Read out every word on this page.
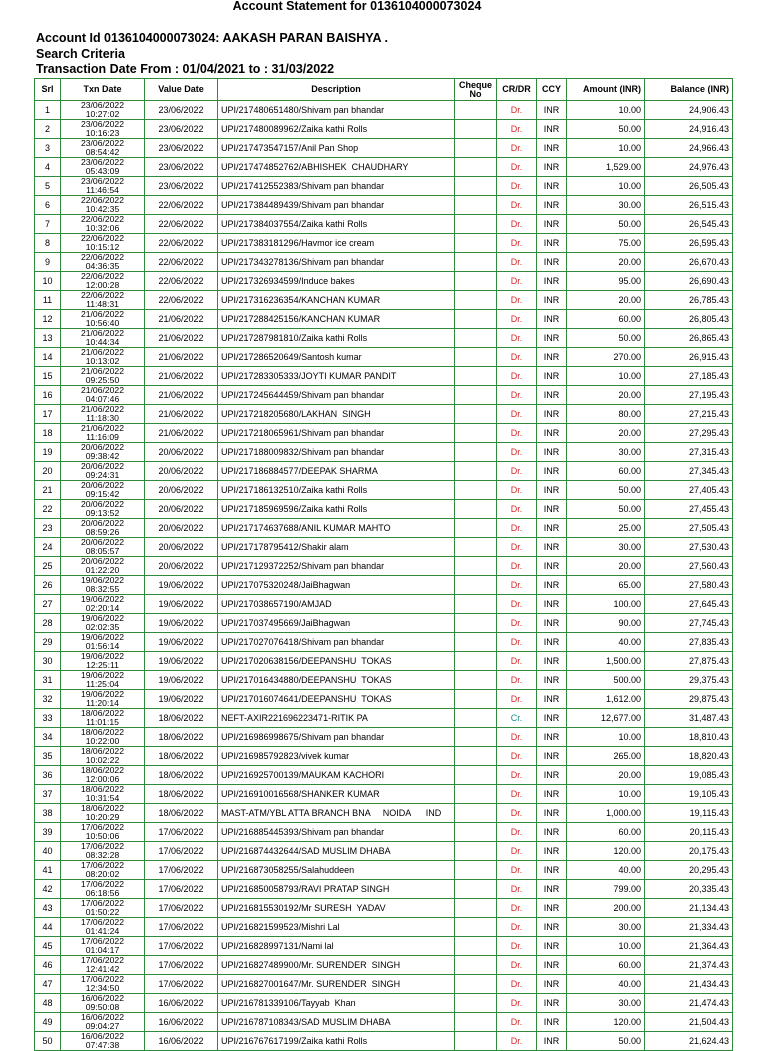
Account Statement for 0136104000073024
Account Id 0136104000073024: AAKASH PARAN BAISHYA .
Search Criteria
Transaction Date From : 01/04/2021 to : 31/03/2022
Srl	Txn Date	Value Date	Description	Cheque No	CR/DR	CCY	Amount (INR)	Balance (INR)
1	23/06/2022
10:27:02	23/06/2022	UPI/217480651480/Shivam pan bhandar		Dr.	INR	10.00	24,906.43
2	23/06/2022
10:16:23	23/06/2022	UPI/217480089962/Zaika kathi Rolls		Dr.	INR	50.00	24,916.43
3	23/06/2022
08:54:42	23/06/2022	UPI/217473547157/Anil Pan Shop		Dr.	INR	10.00	24,966.43
4	23/06/2022
05:43:09	23/06/2022	UPI/217474852762/ABHISHEK  CHAUDHARY		Dr.	INR	1,529.00	24,976.43
5	23/06/2022
11:46:54	23/06/2022	UPI/217412552383/Shivam pan bhandar		Dr.	INR	10.00	26,505.43
6	22/06/2022
10:42:35	22/06/2022	UPI/217384489439/Shivam pan bhandar		Dr.	INR	30.00	26,515.43
7	22/06/2022
10:32:06	22/06/2022	UPI/217384037554/Zaika kathi Rolls		Dr.	INR	50.00	26,545.43
8	22/06/2022
10:15:12	22/06/2022	UPI/217383181296/Havmor ice cream		Dr.	INR	75.00	26,595.43
9	22/06/2022
04:36:35	22/06/2022	UPI/217343278136/Shivam pan bhandar		Dr.	INR	20.00	26,670.43
10	22/06/2022
12:00:28	22/06/2022	UPI/217326934599/Induce bakes		Dr.	INR	95.00	26,690.43
11	22/06/2022
11:48:31	22/06/2022	UPI/217316236354/KANCHAN KUMAR		Dr.	INR	20.00	26,785.43
12	21/06/2022
10:56:40	21/06/2022	UPI/217288425156/KANCHAN KUMAR		Dr.	INR	60.00	26,805.43
13	21/06/2022
10:44:34	21/06/2022	UPI/217287981810/Zaika kathi Rolls		Dr.	INR	50.00	26,865.43
14	21/06/2022
10:13:02	21/06/2022	UPI/217286520649/Santosh kumar		Dr.	INR	270.00	26,915.43
15	21/06/2022
09:25:50	21/06/2022	UPI/217283305333/JOYTI KUMAR PANDIT		Dr.	INR	10.00	27,185.43
16	21/06/2022
04:07:46	21/06/2022	UPI/217245644459/Shivam pan bhandar		Dr.	INR	20.00	27,195.43
17	21/06/2022
11:18:30	21/06/2022	UPI/217218205680/LAKHAN  SINGH		Dr.	INR	80.00	27,215.43
18	21/06/2022
11:16:09	21/06/2022	UPI/217218065961/Shivam pan bhandar		Dr.	INR	20.00	27,295.43
19	20/06/2022
09:38:42	20/06/2022	UPI/217188009832/Shivam pan bhandar		Dr.	INR	30.00	27,315.43
20	20/06/2022
09:24:31	20/06/2022	UPI/217186884577/DEEPAK SHARMA		Dr.	INR	60.00	27,345.43
21	20/06/2022
09:15:42	20/06/2022	UPI/217186132510/Zaika kathi Rolls		Dr.	INR	50.00	27,405.43
22	20/06/2022
09:13:52	20/06/2022	UPI/217185969596/Zaika kathi Rolls		Dr.	INR	50.00	27,455.43
23	20/06/2022
08:59:26	20/06/2022	UPI/217174637688/ANIL KUMAR MAHTO		Dr.	INR	25.00	27,505.43
24	20/06/2022
08:05:57	20/06/2022	UPI/217178795412/Shakir alam		Dr.	INR	30.00	27,530.43
25	20/06/2022
01:22:20	20/06/2022	UPI/217129372252/Shivam pan bhandar		Dr.	INR	20.00	27,560.43
26	19/06/2022
08:32:55	19/06/2022	UPI/217075320248/JaiBhagwan		Dr.	INR	65.00	27,580.43
27	19/06/2022
02:20:14	19/06/2022	UPI/217038657190/AMJAD		Dr.	INR	100.00	27,645.43
28	19/06/2022
02:02:35	19/06/2022	UPI/217037495669/JaiBhagwan		Dr.	INR	90.00	27,745.43
29	19/06/2022
01:56:14	19/06/2022	UPI/217027076418/Shivam pan bhandar		Dr.	INR	40.00	27,835.43
30	19/06/2022
12:25:11	19/06/2022	UPI/217020638156/DEEPANSHU  TOKAS		Dr.	INR	1,500.00	27,875.43
31	19/06/2022
11:25:04	19/06/2022	UPI/217016434880/DEEPANSHU  TOKAS		Dr.	INR	500.00	29,375.43
32	19/06/2022
11:20:14	19/06/2022	UPI/217016074641/DEEPANSHU  TOKAS		Dr.	INR	1,612.00	29,875.43
33	18/06/2022
11:01:15	18/06/2022	NEFT-AXIR221696223471-RITIK PA		Cr.	INR	12,677.00	31,487.43
34	18/06/2022
10:22:00	18/06/2022	UPI/216986998675/Shivam pan bhandar		Dr.	INR	10.00	18,810.43
35	18/06/2022
10:02:22	18/06/2022	UPI/216985792823/vivek kumar		Dr.	INR	265.00	18,820.43
36	18/06/2022
12:00:06	18/06/2022	UPI/216925700139/MAUKAM KACHORI		Dr.	INR	20.00	19,085.43
37	18/06/2022
10:31:54	18/06/2022	UPI/216910016568/SHANKER KUMAR		Dr.	INR	10.00	19,105.43
38	18/06/2022
10:20:29	18/06/2022	MAST-ATM/YBL ATTA BRANCH BNA     NOIDA      IND		Dr.	INR	1,000.00	19,115.43
39	17/06/2022
10:50:06	17/06/2022	UPI/216885445393/Shivam pan bhandar		Dr.	INR	60.00	20,115.43
40	17/06/2022
08:32:28	17/06/2022	UPI/216874432644/SAD MUSLIM DHABA		Dr.	INR	120.00	20,175.43
41	17/06/2022
08:20:02	17/06/2022	UPI/216873058255/Salahuddeen		Dr.	INR	40.00	20,295.43
42	17/06/2022
06:18:56	17/06/2022	UPI/216850058793/RAVI PRATAP SINGH		Dr.	INR	799.00	20,335.43
43	17/06/2022
01:50:22	17/06/2022	UPI/216815530192/Mr SURESH  YADAV		Dr.	INR	200.00	21,134.43
44	17/06/2022
01:41:24	17/06/2022	UPI/216821599523/Mishri Lal		Dr.	INR	30.00	21,334.43
45	17/06/2022
01:04:17	17/06/2022	UPI/216828997131/Nami lal		Dr.	INR	10.00	21,364.43
46	17/06/2022
12:41:42	17/06/2022	UPI/216827489900/Mr. SURENDER  SINGH		Dr.	INR	60.00	21,374.43
47	17/06/2022
12:34:50	17/06/2022	UPI/216827001647/Mr. SURENDER  SINGH		Dr.	INR	40.00	21,434.43
48	16/06/2022
09:50:08	16/06/2022	UPI/216781339106/Tayyab  Khan		Dr.	INR	30.00	21,474.43
49	16/06/2022
09:04:27	16/06/2022	UPI/216787108343/SAD MUSLIM DHABA		Dr.	INR	120.00	21,504.43
50	16/06/2022
07:47:38	16/06/2022	UPI/216767617199/Zaika kathi Rolls		Dr.	INR	50.00	21,624.43
